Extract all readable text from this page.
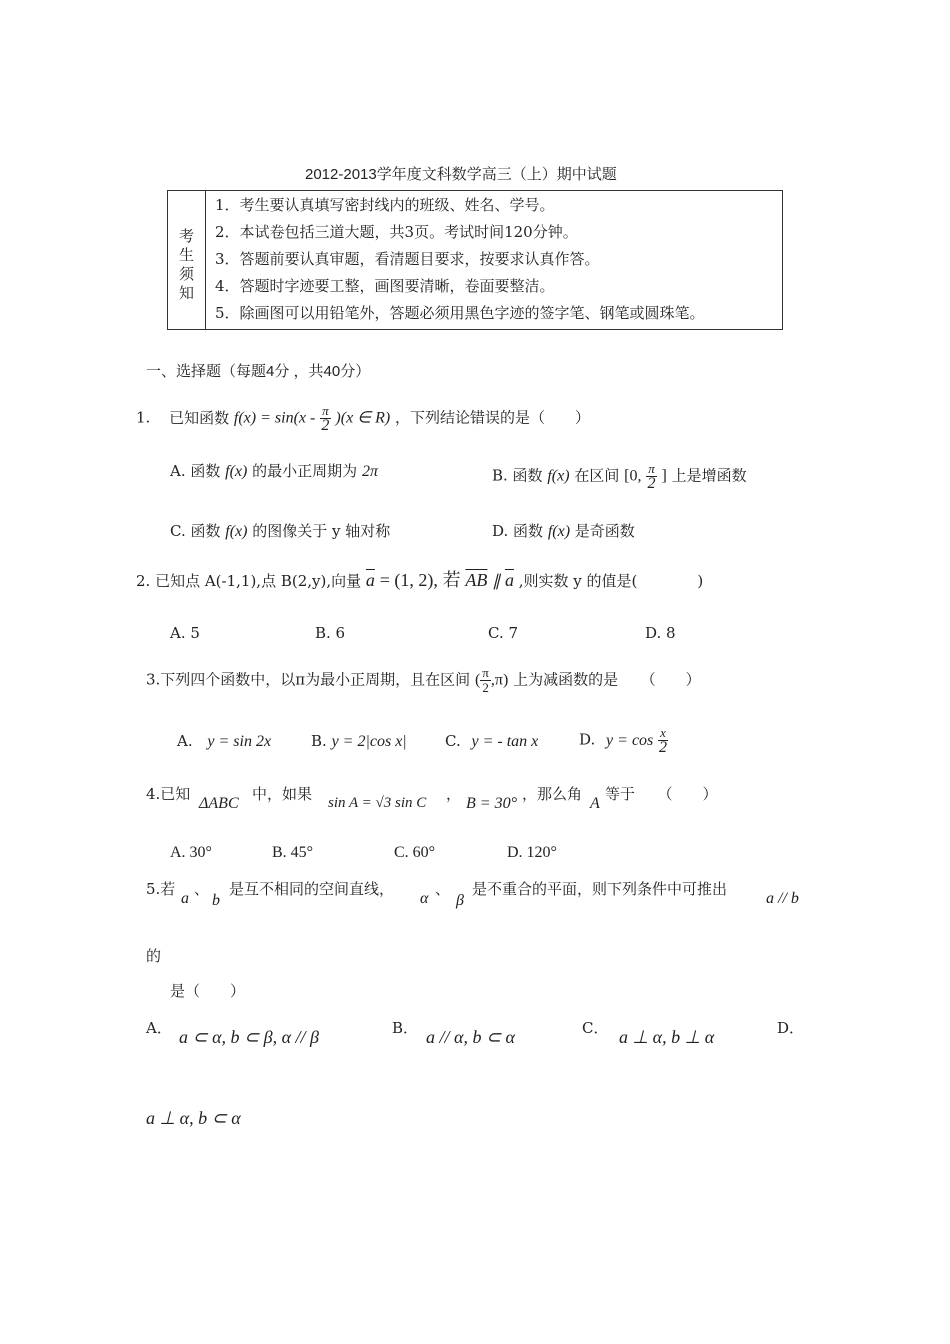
2012-2013学年度文科数学高三（上）期中试题
考
生
须
知
1．考生要认真填写密封线内的班级、姓名、学号。
2．本试卷包括三道大题，共3页。考试时间120分钟。
3．答题前要认真审题，看清题目要求，按要求认真作答。
4．答题时字迹要工整，画图要清晰，卷面要整洁。
5．除画图可以用铅笔外，答题必须用黑色字迹的签字笔、钢笔或圆珠笔。
一、选择题（每题4分 ，共40分）
1. 已知函数 $f(x) = \sin(x - \frac{\pi}{2} )(x$ ∈ R) ，下列结论错误的是（　　）
A. 函数 f(x) 的最小正周期为 2π	B. 函数 f(x) 在区间 [0, $\frac{\pi}{2}$ ] 上是增函数
C. 函数 f(x) 的图像关于 y 轴对称	D. 函数 f(x) 是奇函数
2. 已知点 A(-1,1),点 B(2,y),向量 $\overline{a} = (1$, 2), 若 $\overline{AB}$ ∥ $\overline{a}$ ,则实数 y 的值是(　　　　)
A. 5	B. 6	C. 7	D. 8
3.下列四个函数中，以π为最小正周期，且在区间 ( $\frac{\pi}{2} ,\pi$) 上为减函数的是　　（　　）
A. y = sin 2x	B. y = 2|cos x|	C. y = - tan x	D. $y = \cos \frac{x}{2}$
4.已知
ΔABC
中，如果 sin A = √3 sin C ，
B = 30°
，那么角
A
等于　　（　　）
A. 30°	B. 45°	C. 60°	D. 120°
5.若
a
、
b
是互不相同的空间直线，
α
、
β
是不重合的平面，则下列条件中可推出
a // b
的
是（　　）
A． a ⊂ α, b ⊂ β, α // β	B． a // α, b ⊂ α	C． a ⊥ α, b ⊥ α	D．
a ⊥ α, b ⊂ α
